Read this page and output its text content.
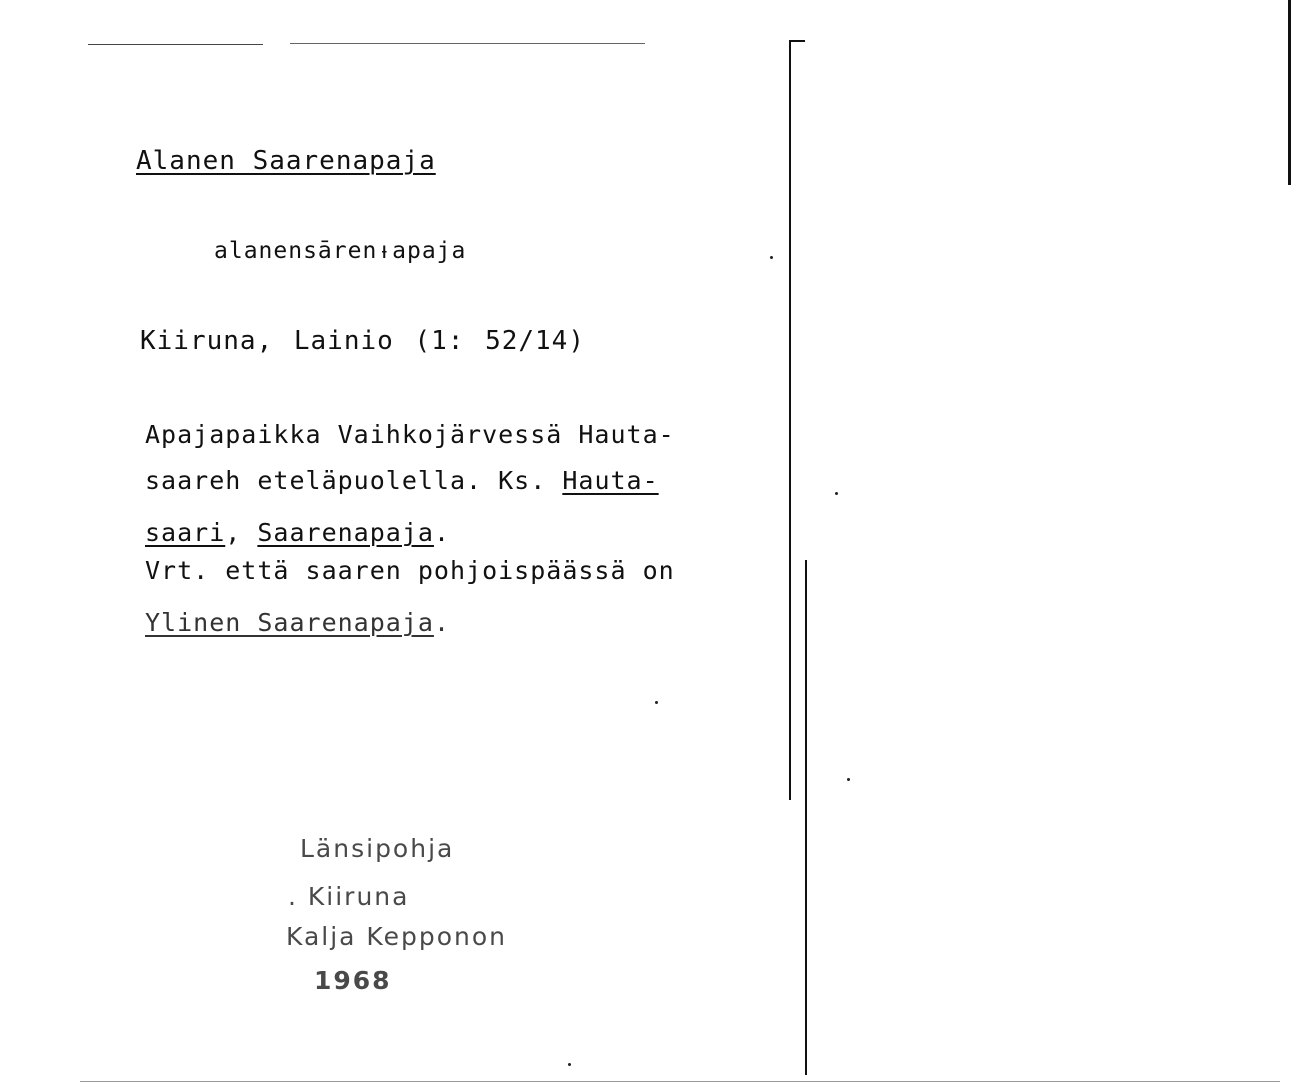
Alanen Saarenapaja
alanensārenᵼapaja
Kiiruna, Lainio (1: 52/14)
Apajapaikka Vaihkojärvessä Hauta-
saareh eteläpuolella. Ks. Hauta-
saari, Saarenapaja.
Vrt. että saaren pohjoispäässä on
Ylinen Saarenapaja.
Länsipohja
. Kiiruna
Kalja Kepponon
1968
